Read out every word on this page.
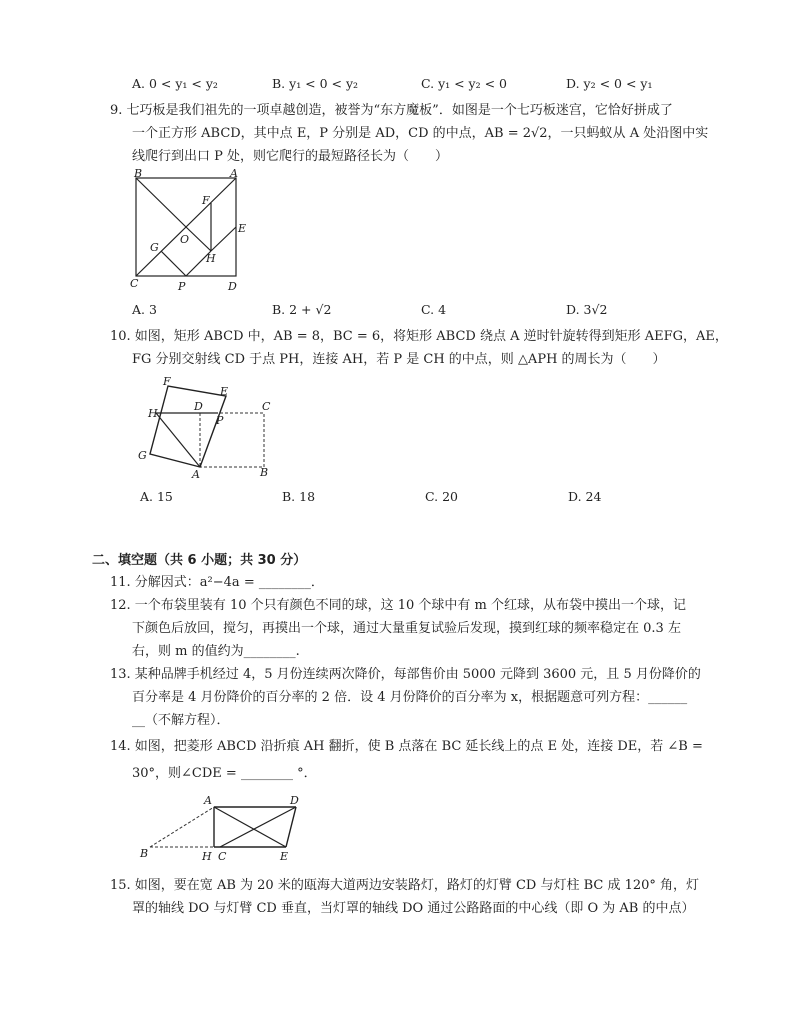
A. 0 < y₁ < y₂	B. y₁ < 0 < y₂	C. y₁ < y₂ < 0	D. y₂ < 0 < y₁
9. 七巧板是我们祖先的一项卓越创造，被誉为“东方魔板”．如图是一个七巧板迷宫，它恰好拼成了
一个正方形 ABCD，其中点 E，P 分别是 AD，CD 的中点，AB = 2√2，一只蚂蚁从 A 处沿图中实
线爬行到出口 P 处，则它爬行的最短路径长为（　　）
B	A
F
O
E
G
H
C	P	D
A. 3	B. 2 + √2	C. 4	D. 3√2
10. 如图，矩形 ABCD 中，AB = 8，BC = 6，将矩形 ABCD 绕点 A 逆时针旋转得到矩形 AEFG，AE，
FG 分别交射线 CD 于点 PH，连接 AH，若 P 是 CH 的中点，则 △APH 的周长为（　　）
F
E
H
D	C
P
G
A	B
A. 15	B. 18	C. 20	D. 24
二、填空题（共 6 小题；共 30 分）
11. 分解因式：a²−4a = ________．
12. 一个布袋里装有 10 个只有颜色不同的球，这 10 个球中有 m 个红球，从布袋中摸出一个球，记
下颜色后放回，搅匀，再摸出一个球，通过大量重复试验后发现，摸到红球的频率稳定在 0.3 左
右，则 m 的值约为________.
13. 某种品牌手机经过 4，5 月份连续两次降价，每部售价由 5000 元降到 3600 元，且 5 月份降价的
百分率是 4 月份降价的百分率的 2 倍．设 4 月份降价的百分率为 x，根据题意可列方程：______
__（不解方程）．
14. 如图，把菱形 ABCD 沿折痕 AH 翻折，使 B 点落在 BC 延长线上的点 E 处，连接 DE，若 ∠B =
30°，则∠CDE = ________ °．
A	D
B	H C	E
15. 如图，要在宽 AB 为 20 米的瓯海大道两边安装路灯，路灯的灯臂 CD 与灯柱 BC 成 120° 角，灯
罩的轴线 DO 与灯臂 CD 垂直，当灯罩的轴线 DO 通过公路路面的中心线（即 O 为 AB 的中点）
